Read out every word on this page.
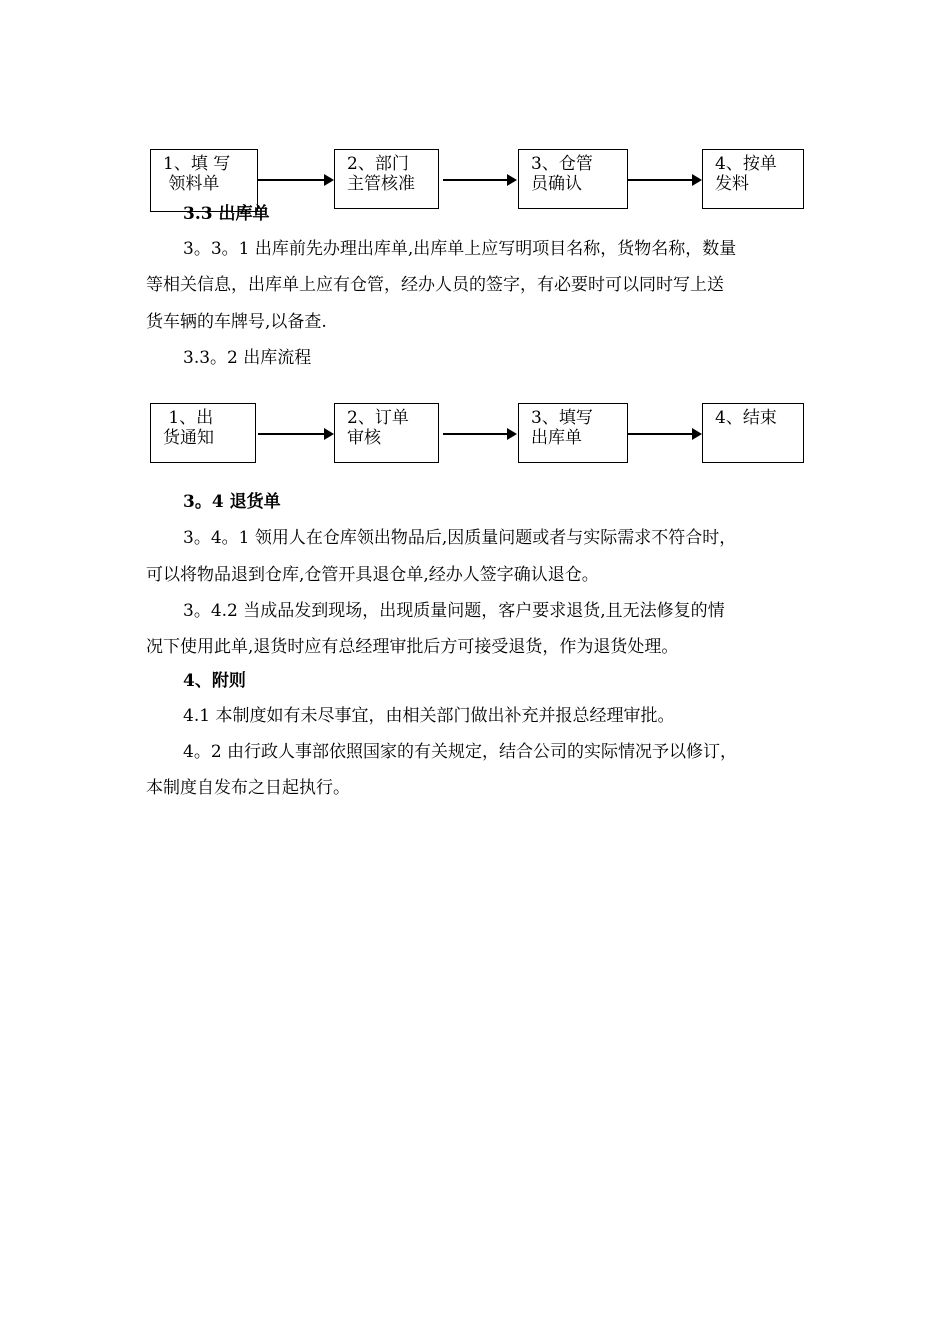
1、填 写
领料单
2、部门
主管核准
3、仓管
员确认
4、按单
发料
3.3 出库单
3。3。1 出库前先办理出库单,出库单上应写明项目名称，货物名称，数量
等相关信息，出库单上应有仓管，经办人员的签字，有必要时可以同时写上送
货车辆的车牌号,以备查.
3.3。2 出库流程
1、出
货通知
2、订单
审核
3、填写
出库单
4、结束
3。4 退货单
3。4。1 领用人在仓库领出物品后,因质量问题或者与实际需求不符合时，
可以将物品退到仓库,仓管开具退仓单,经办人签字确认退仓。
3。4.2 当成品发到现场，出现质量问题，客户要求退货,且无法修复的情
况下使用此单,退货时应有总经理审批后方可接受退货，作为退货处理。
4、附则
4.1 本制度如有未尽事宜，由相关部门做出补充并报总经理审批。
4。2 由行政人事部依照国家的有关规定，结合公司的实际情况予以修订，
本制度自发布之日起执行。
